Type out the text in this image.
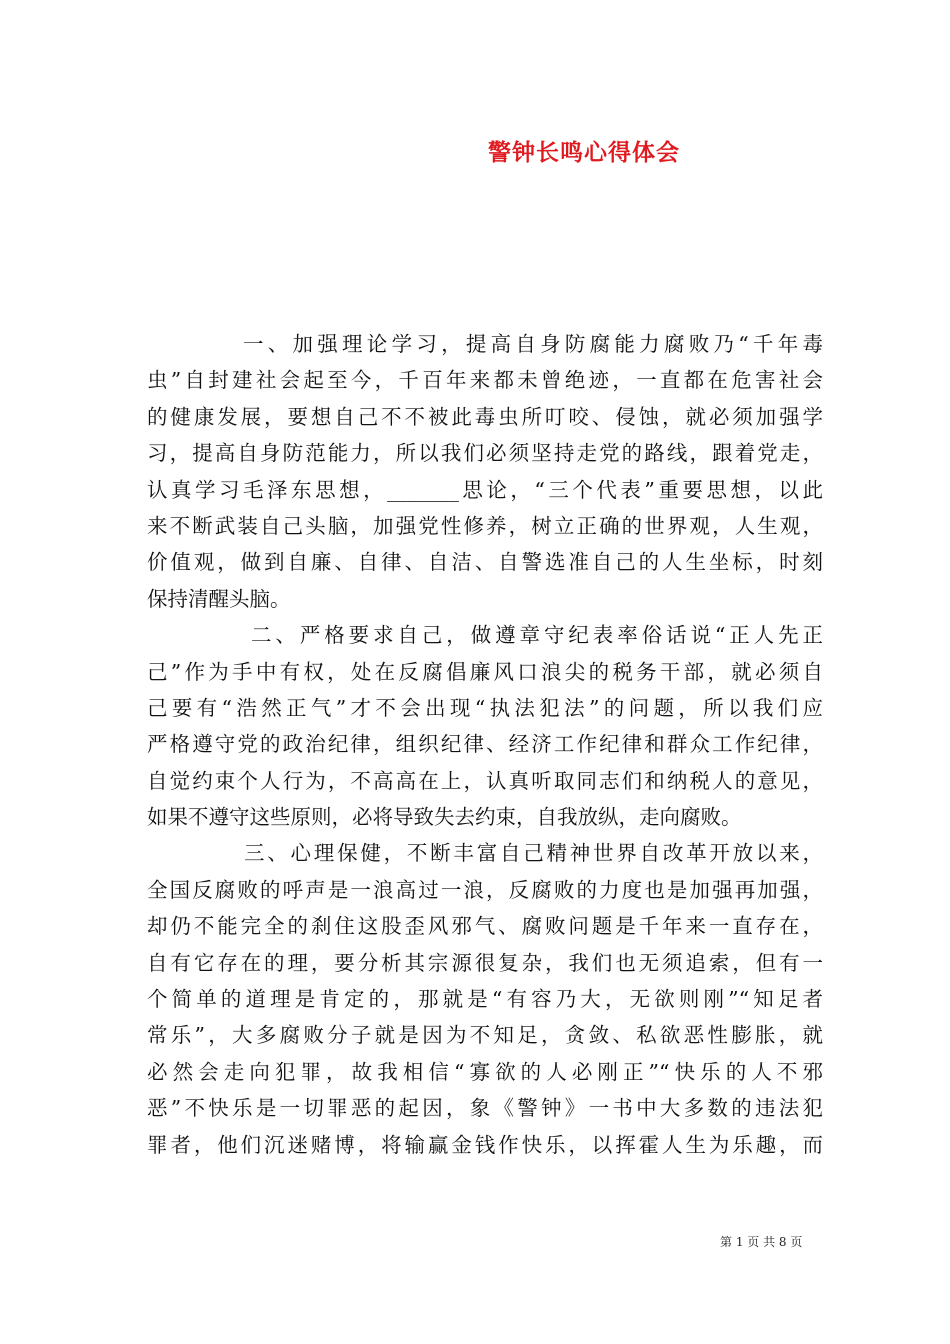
警钟长鸣心得体会
一、加强理论学习，提高自身防腐能力腐败乃“千年毒
虫”自封建社会起至今，千百年来都未曾绝迹，一直都在危害社会
的健康发展，要想自己不不被此毒虫所叮咬、侵蚀，就必须加强学
习，提高自身防范能力，所以我们必须坚持走党的路线，跟着党走，
认真学习毛泽东思想，_______思论，“三个代表”重要思想，以此
来不断武装自己头脑，加强党性修养，树立正确的世界观，人生观，
价值观，做到自廉、自律、自洁、自警选准自己的人生坐标，时刻
保持清醒头脑。
二、严格要求自己，做遵章守纪表率俗话说“正人先正
己”作为手中有权，处在反腐倡廉风口浪尖的税务干部，就必须自
己要有“浩然正气”才不会出现“执法犯法”的问题，所以我们应
严格遵守党的政治纪律，组织纪律、经济工作纪律和群众工作纪律，
自觉约束个人行为，不高高在上，认真听取同志们和纳税人的意见，
如果不遵守这些原则，必将导致失去约束，自我放纵，走向腐败。
三、心理保健，不断丰富自己精神世界自改革开放以来，
全国反腐败的呼声是一浪高过一浪，反腐败的力度也是加强再加强，
却仍不能完全的刹住这股歪风邪气、腐败问题是千年来一直存在，
自有它存在的理，要分析其宗源很复杂，我们也无须追索，但有一
个简单的道理是肯定的，那就是“有容乃大，无欲则刚”“知足者
常乐”，大多腐败分子就是因为不知足，贪敛、私欲恶性膨胀，就
必然会走向犯罪，故我相信“寡欲的人必刚正”“快乐的人不邪
恶”不快乐是一切罪恶的起因，象《警钟》一书中大多数的违法犯
罪者，他们沉迷赌博，将输赢金钱作快乐，以挥霍人生为乐趣，而
第 1 页 共 8 页
